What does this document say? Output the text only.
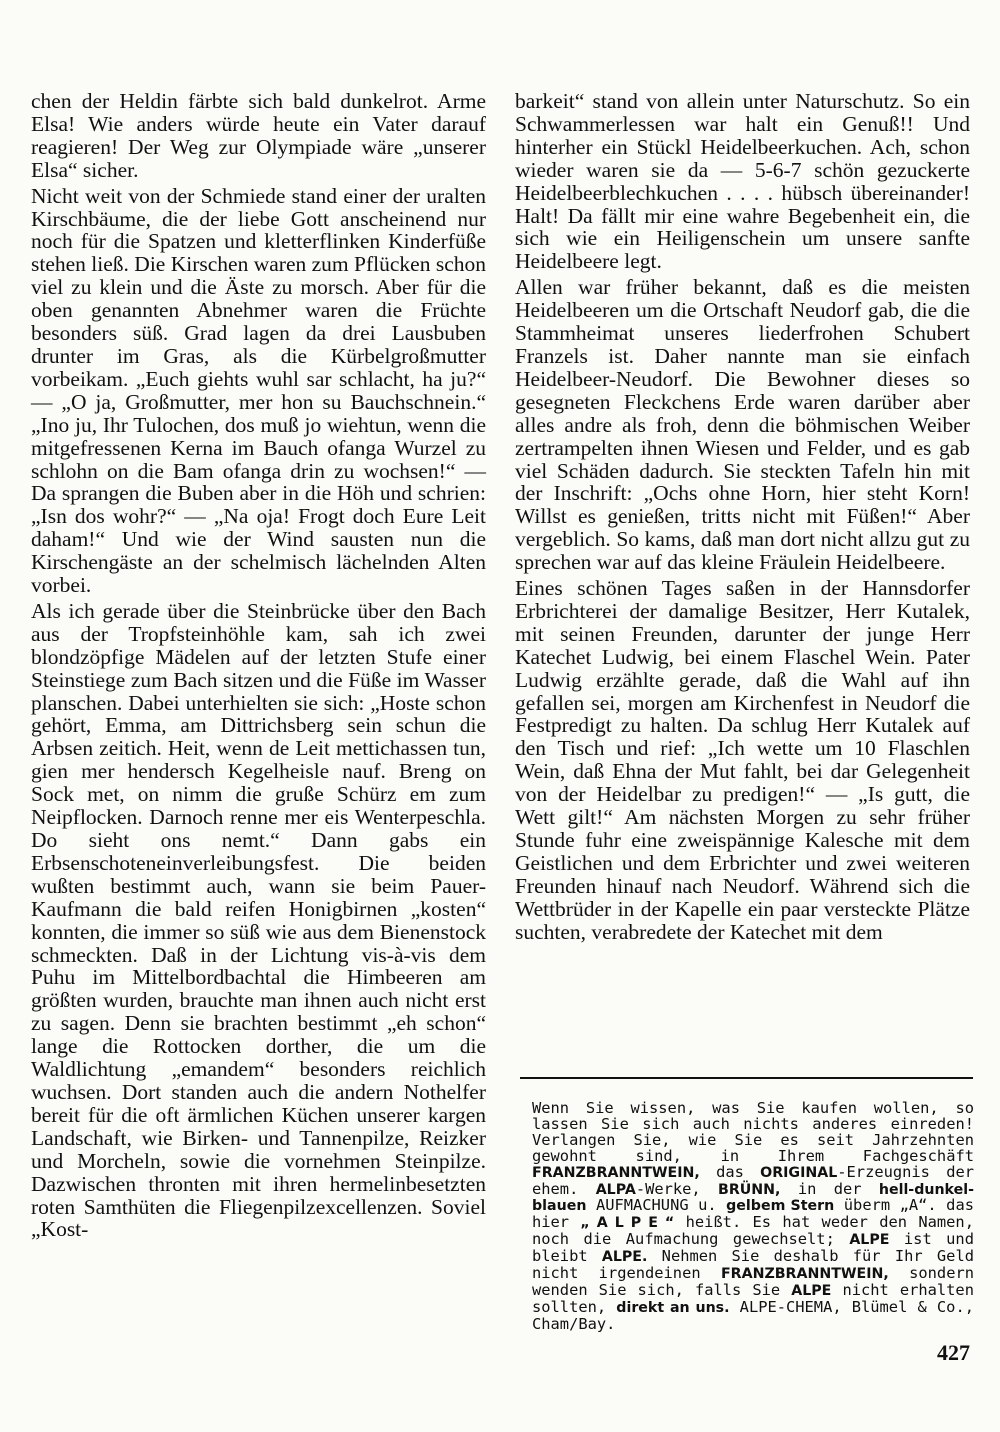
chen der Heldin färbte sich bald dunkelrot. Arme Elsa! Wie anders würde heute ein Vater darauf reagieren! Der Weg zur Olympiade wäre „unserer Elsa“ sicher.

Nicht weit von der Schmiede stand einer der uralten Kirschbäume, die der liebe Gott anscheinend nur noch für die Spatzen und kletterflinken Kinderfüße stehen ließ. Die Kirschen waren zum Pflücken schon viel zu klein und die Äste zu morsch. Aber für die oben genannten Abnehmer waren die Früchte besonders süß. Grad lagen da drei Lausbuben drunter im Gras, als die Kürbelgroßmutter vorbeikam. „Euch giehts wuhl sar schlacht, ha ju?“ — „O ja, Großmutter, mer hon su Bauchschnein.“ „Ino ju, Ihr Tulochen, dos muß jo wiehtun, wenn die mitgefressenen Kerna im Bauch ofanga Wurzel zu schlohn on die Bam ofanga drin zu wochsen!“ — Da sprangen die Buben aber in die Höh und schrien: „Isn dos wohr?“ — „Na oja! Frogt doch Eure Leit daham!“ Und wie der Wind sausten nun die Kirschengäste an der schelmisch lächelnden Alten vorbei.

Als ich gerade über die Steinbrücke über den Bach aus der Tropfsteinhöhle kam, sah ich zwei blondzöpfige Mädelen auf der letzten Stufe einer Steinstiege zum Bach sitzen und die Füße im Wasser planschen. Dabei unterhielten sie sich: „Hoste schon gehört, Emma, am Dittrichsberg sein schun die Arbsen zeitich. Heit, wenn de Leit mettichassen tun, gien mer hendersch Kegelheisle nauf. Breng on Sock met, on nimm die gruße Schürz em zum Neipflocken. Darnoch renne mer eis Wenterpeschla. Do sieht ons nemt.“ Dann gabs ein Erbsenschoteneinverleibungsfest. Die beiden wußten bestimmt auch, wann sie beim Pauer-Kaufmann die bald reifen Honigbirnen „kosten“ konnten, die immer so süß wie aus dem Bienenstock schmeckten. Daß in der Lichtung vis-à-vis dem Puhu im Mittelbordbachtal die Himbeeren am größten wurden, brauchte man ihnen auch nicht erst zu sagen. Denn sie brachten bestimmt „eh schon“ lange die Rottocken dorther, die um die Waldlichtung „emandem“ besonders reichlich wuchsen. Dort standen auch die andern Nothelfer bereit für die oft ärmlichen Küchen unserer kargen Landschaft, wie Birken- und Tannenpilze, Reizker und Morcheln, sowie die vornehmen Steinpilze. Dazwischen thronten mit ihren hermelinbesetzten roten Samthüten die Fliegenpilzexcellenzen. Soviel „Kost-

barkeit“ stand von allein unter Naturschutz. So ein Schwammerlessen war halt ein Genuß!! Und hinterher ein Stückl Heidelbeerkuchen. Ach, schon wieder waren sie da — 5-6-7 schön gezuckerte Heidelbeerblechkuchen . . . . hübsch übereinander! Halt! Da fällt mir eine wahre Begebenheit ein, die sich wie ein Heiligenschein um unsere sanfte Heidelbeere legt.

Allen war früher bekannt, daß es die meisten Heidelbeeren um die Ortschaft Neudorf gab, die die Stammheimat unseres liederfrohen Schubert Franzels ist. Daher nannte man sie einfach Heidelbeer-Neudorf. Die Bewohner dieses so gesegneten Fleckchens Erde waren darüber aber alles andre als froh, denn die böhmischen Weiber zertrampelten ihnen Wiesen und Felder, und es gab viel Schäden dadurch. Sie steckten Tafeln hin mit der Inschrift: „Ochs ohne Horn, hier steht Korn! Willst es genießen, tritts nicht mit Füßen!“ Aber vergeblich. So kams, daß man dort nicht allzu gut zu sprechen war auf das kleine Fräulein Heidelbeere.

Eines schönen Tages saßen in der Hannsdorfer Erbrichterei der damalige Besitzer, Herr Kutalek, mit seinen Freunden, darunter der junge Herr Katechet Ludwig, bei einem Flaschel Wein. Pater Ludwig erzählte gerade, daß die Wahl auf ihn gefallen sei, morgen am Kirchenfest in Neudorf die Festpredigt zu halten. Da schlug Herr Kutalek auf den Tisch und rief: „Ich wette um 10 Flaschlen Wein, daß Ehna der Mut fahlt, bei dar Gelegenheit von der Heidelbar zu predigen!“ — „Is gutt, die Wett gilt!“ Am nächsten Morgen zu sehr früher Stunde fuhr eine zweispännige Kalesche mit dem Geistlichen und dem Erbrichter und zwei weiteren Freunden hinauf nach Neudorf. Während sich die Wettbrüder in der Kapelle ein paar versteckte Plätze suchten, verabredete der Katechet mit dem

Wenn Sie wissen, was Sie kaufen wollen, so lassen Sie sich auch nichts anderes einreden! Verlangen Sie, wie Sie es seit Jahrzehnten gewohnt sind, in Ihrem Fachgeschäft FRANZBRANNTWEIN, das ORIGINAL-Erzeugnis der ehem. ALPA-Werke, BRÜNN, in der hell-dunkel-blauen AUFMACHUNG u. gelbem Stern überm „A“. das hier „ A L P E “ heißt. Es hat weder den Namen, noch die Aufmachung gewechselt; ALPE ist und bleibt ALPE. Nehmen Sie deshalb für Ihr Geld nicht irgendeinen FRANZBRANNTWEIN, sondern wenden Sie sich, falls Sie ALPE nicht erhalten sollten, direkt an uns. ALPE-CHEMA, Blümel & Co., Cham/Bay.

427
